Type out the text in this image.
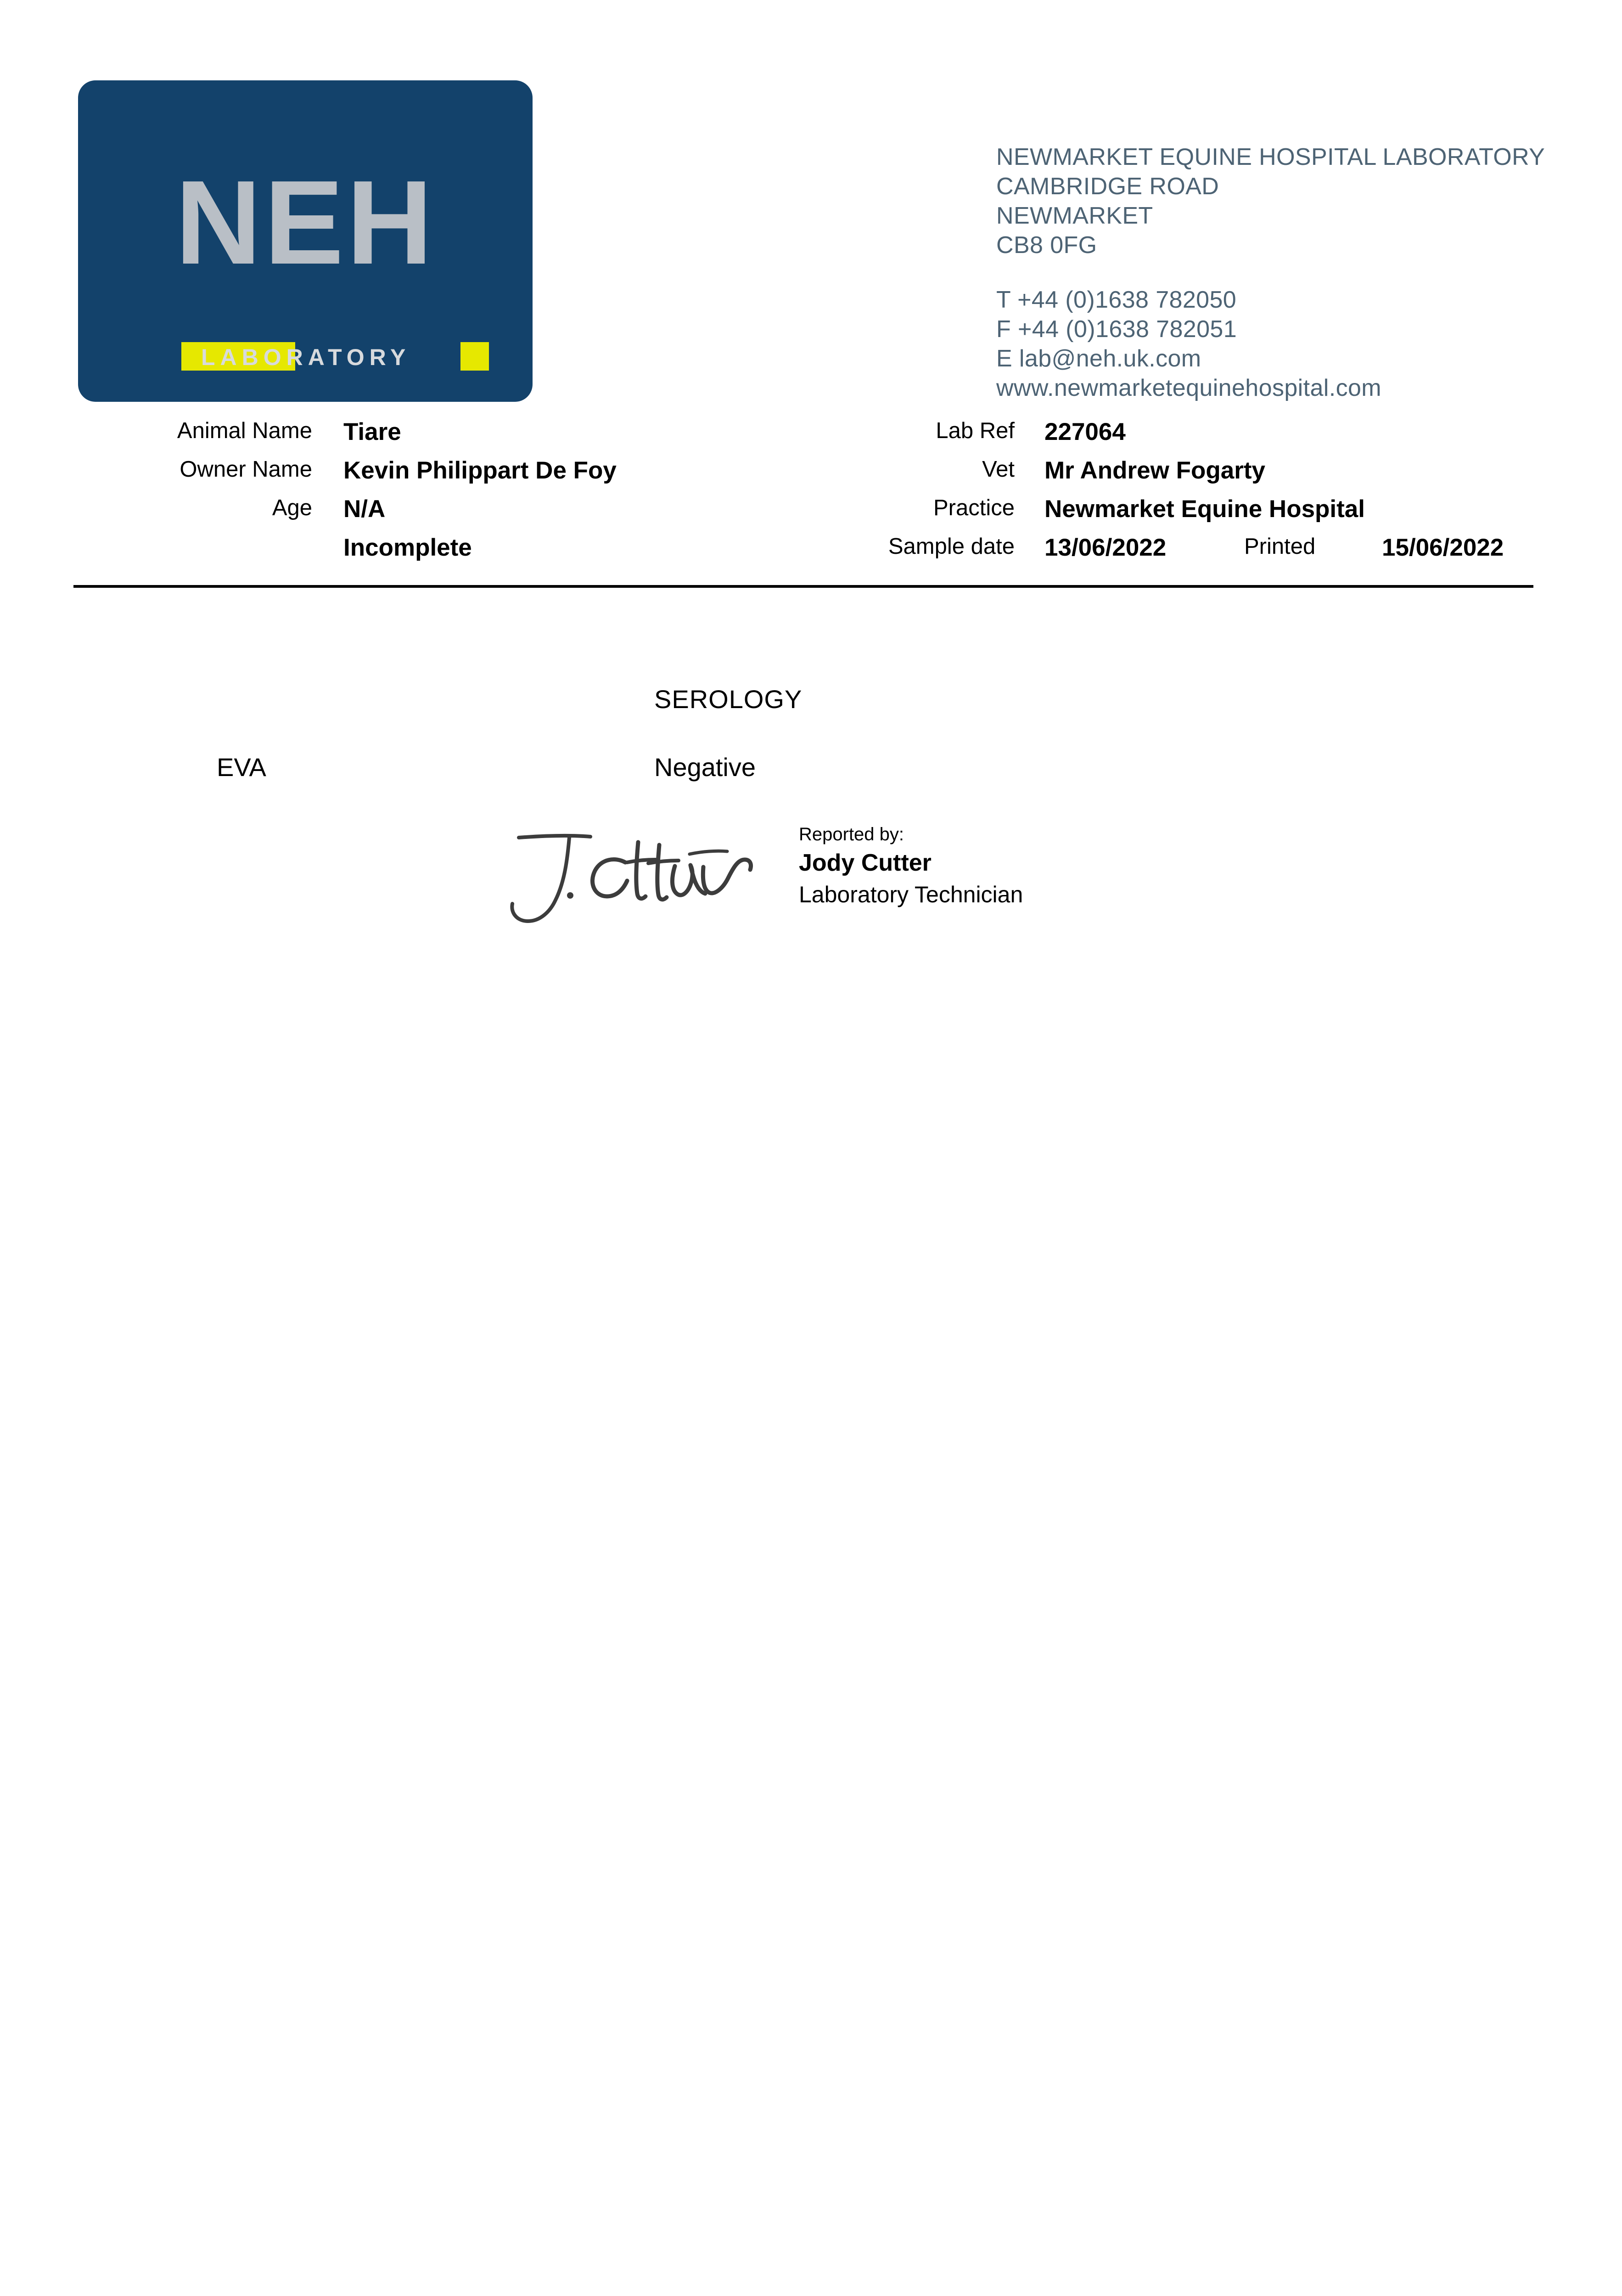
NEH
LABORATORY
NEWMARKET EQUINE HOSPITAL LABORATORY
CAMBRIDGE ROAD
NEWMARKET
CB8 0FG
T +44 (0)1638 782050
F +44 (0)1638 782051
E lab@neh.uk.com
www.newmarketequinehospital.com
Animal Name Tiare	Lab Ref 227064
Owner Name Kevin Philippart De Foy	Vet Mr Andrew Fogarty
Age N/A	Practice Newmarket Equine Hospital
Incomplete	Sample date 13/06/2022	Printed	15/06/2022
SEROLOGY
EVA	Negative
Reported by:
Jody Cutter
Laboratory Technician
